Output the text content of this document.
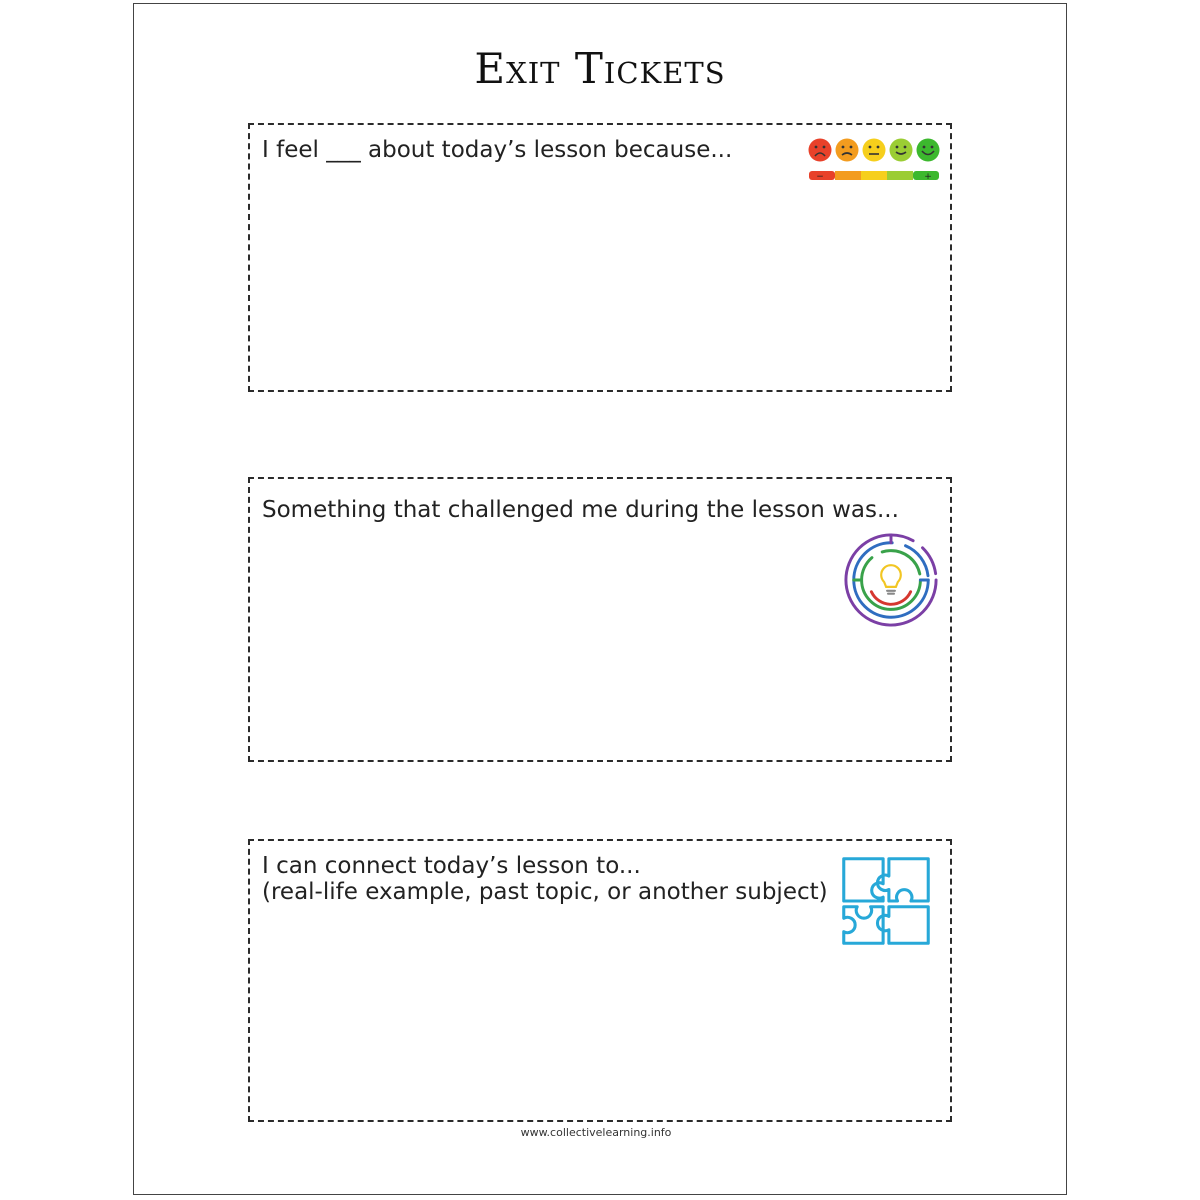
Exit Tickets
I feel ___ about today’s lesson because...
−	+
Something that challenged me during the lesson was...
I can connect today’s lesson to...
(real-life example, past topic, or another subject)
www.collectivelearning.info
